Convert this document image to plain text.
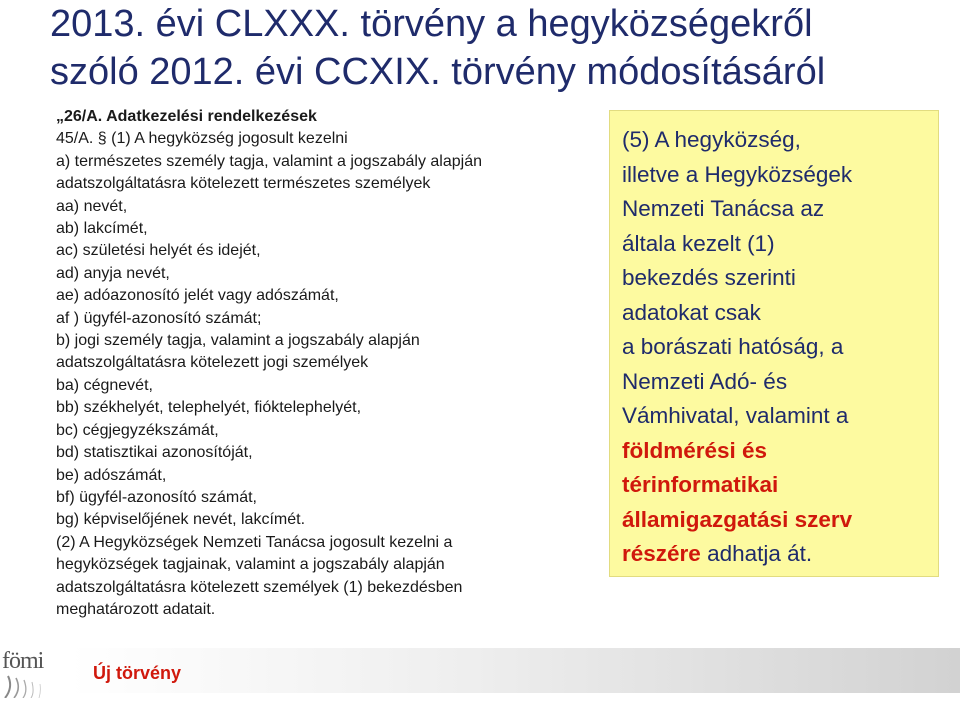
2013. évi CLXXX. törvény a hegyközségekről
szóló 2012. évi CCXIX. törvény módosításáról
„26/A. Adatkezelési rendelkezések
45/A. § (1) A hegyközség jogosult kezelni
a) természetes személy tagja, valamint a jogszabály alapján
adatszolgáltatásra kötelezett természetes személyek
aa) nevét,
ab) lakcímét,
ac) születési helyét és idejét,
ad) anyja nevét,
ae) adóazonosító jelét vagy adószámát,
af ) ügyfél-azonosító számát;
b) jogi személy tagja, valamint a jogszabály alapján
adatszolgáltatásra kötelezett jogi személyek
ba) cégnevét,
bb) székhelyét, telephelyét, fióktelephelyét,
bc) cégjegyzékszámát,
bd) statisztikai azonosítóját,
be) adószámát,
bf) ügyfél-azonosító számát,
bg) képviselőjének nevét, lakcímét.
(2) A Hegyközségek Nemzeti Tanácsa jogosult kezelni a
hegyközségek tagjainak, valamint a jogszabály alapján
adatszolgáltatásra kötelezett személyek (1) bekezdésben
meghatározott adatait.
(5) A hegyközség,
illetve a Hegyközségek
Nemzeti Tanácsa az
általa kezelt (1)
bekezdés szerinti
adatokat csak
a borászati hatóság, a
Nemzeti Adó- és
Vámhivatal, valamint a
földmérési és
térinformatikai
államigazgatási szerv
részére adhatja át.
Új törvény
fömi
